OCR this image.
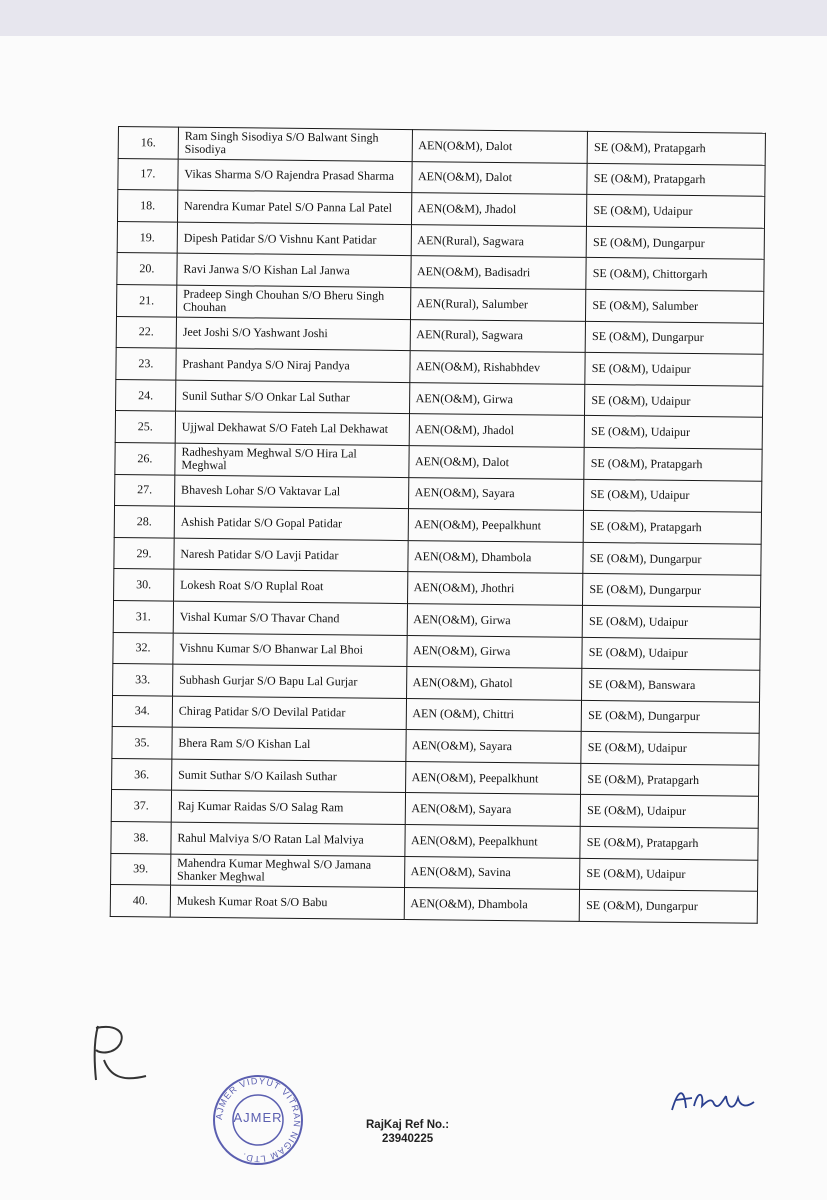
16.	Ram Singh Sisodiya S/O Balwant Singh Sisodiya	AEN(O&M), Dalot	SE (O&M), Pratapgarh
17.	Vikas Sharma S/O Rajendra Prasad Sharma	AEN(O&M), Dalot	SE (O&M), Pratapgarh
18.	Narendra Kumar Patel S/O Panna Lal Patel	AEN(O&M), Jhadol	SE (O&M), Udaipur
19.	Dipesh Patidar S/O Vishnu Kant Patidar	AEN(Rural), Sagwara	SE (O&M), Dungarpur
20.	Ravi Janwa S/O Kishan Lal Janwa	AEN(O&M), Badisadri	SE (O&M), Chittorgarh
21.	Pradeep Singh Chouhan S/O Bheru Singh Chouhan	AEN(Rural), Salumber	SE (O&M), Salumber
22.	Jeet Joshi S/O Yashwant Joshi	AEN(Rural), Sagwara	SE (O&M), Dungarpur
23.	Prashant Pandya S/O Niraj Pandya	AEN(O&M), Rishabhdev	SE (O&M), Udaipur
24.	Sunil Suthar S/O Onkar Lal Suthar	AEN(O&M), Girwa	SE (O&M), Udaipur
25.	Ujjwal Dekhawat S/O Fateh Lal Dekhawat	AEN(O&M), Jhadol	SE (O&M), Udaipur
26.	Radheshyam Meghwal S/O Hira Lal Meghwal	AEN(O&M), Dalot	SE (O&M), Pratapgarh
27.	Bhavesh Lohar S/O Vaktavar Lal	AEN(O&M), Sayara	SE (O&M), Udaipur
28.	Ashish Patidar S/O Gopal Patidar	AEN(O&M), Peepalkhunt	SE (O&M), Pratapgarh
29.	Naresh Patidar S/O Lavji Patidar	AEN(O&M), Dhambola	SE (O&M), Dungarpur
30.	Lokesh Roat S/O Ruplal Roat	AEN(O&M), Jhothri	SE (O&M), Dungarpur
31.	Vishal Kumar S/O Thavar Chand	AEN(O&M), Girwa	SE (O&M), Udaipur
32.	Vishnu Kumar S/O Bhanwar Lal Bhoi	AEN(O&M), Girwa	SE (O&M), Udaipur
33.	Subhash Gurjar S/O Bapu Lal Gurjar	AEN(O&M), Ghatol	SE (O&M), Banswara
34.	Chirag Patidar S/O Devilal Patidar	AEN (O&M), Chittri	SE (O&M), Dungarpur
35.	Bhera Ram S/O Kishan Lal	AEN(O&M), Sayara	SE (O&M), Udaipur
36.	Sumit Suthar S/O Kailash Suthar	AEN(O&M), Peepalkhunt	SE (O&M), Pratapgarh
37.	Raj Kumar Raidas S/O Salag Ram	AEN(O&M), Sayara	SE (O&M), Udaipur
38.	Rahul Malviya S/O Ratan Lal Malviya	AEN(O&M), Peepalkhunt	SE (O&M), Pratapgarh
39.	Mahendra Kumar Meghwal S/O Jamana Shanker Meghwal	AEN(O&M), Savina	SE (O&M), Udaipur
40.	Mukesh Kumar Roat S/O Babu	AEN(O&M), Dhambola	SE (O&M), Dungarpur
AJMER VIDYUT VITRAN NIGAM LTD.
AJMER	RajKaj Ref No.:
23940225
